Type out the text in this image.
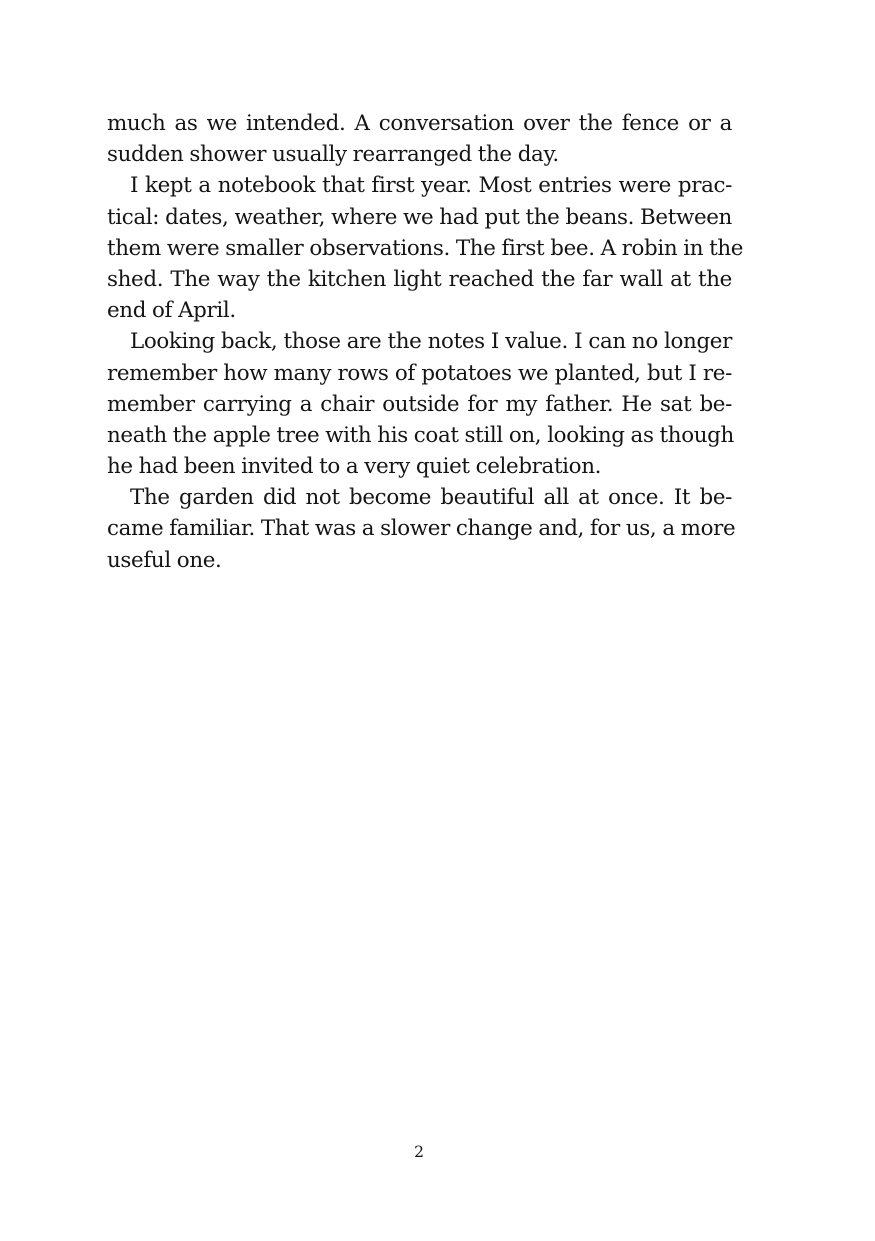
much as we intended. A conversation over the fence or a
sudden shower usually rearranged the day.
I kept a notebook that first year. Most entries were prac-
tical: dates, weather, where we had put the beans. Between
them were smaller observations. The first bee. A robin in the
shed. The way the kitchen light reached the far wall at the
end of April.
Looking back, those are the notes I value. I can no longer
remember how many rows of potatoes we planted, but I re-
member carrying a chair outside for my father. He sat be-
neath the apple tree with his coat still on, looking as though
he had been invited to a very quiet celebration.
The garden did not become beautiful all at once. It be-
came familiar. That was a slower change and, for us, a more
useful one.
2
